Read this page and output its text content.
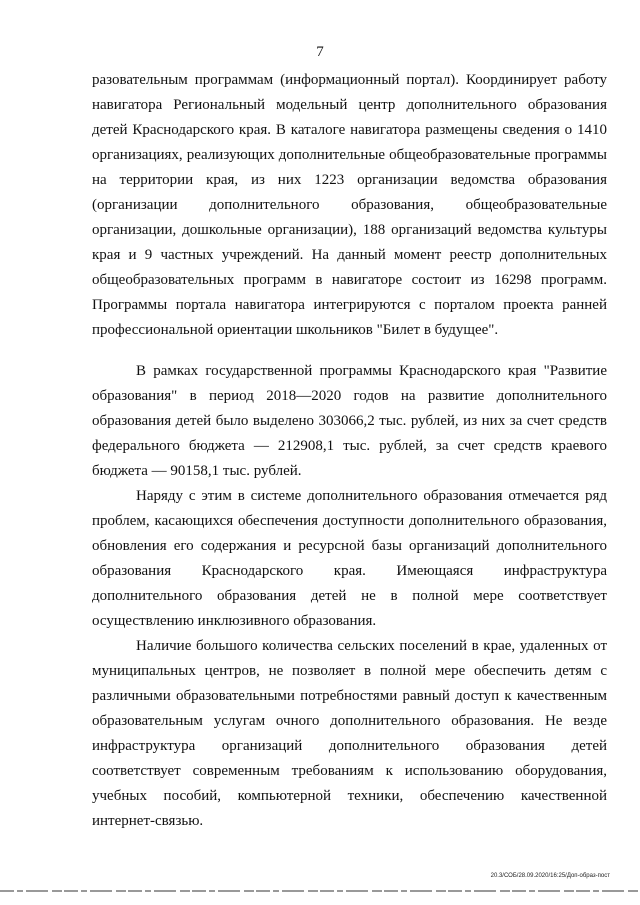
7

разовательным программам (информационный портал). Координирует работу навигатора Региональный модельный центр дополнительного образования детей Краснодарского края. В каталоге навигатора размещены сведения о 1410 организациях, реализующих дополнительные общеобразовательные программы на территории края, из них 1223 организации ведомства образования (организации дополнительного образования, общеобразовательные организации, дошкольные организации), 188 организаций ведомства культуры края и 9 частных учреждений. На данный момент реестр дополнительных общеобразовательных программ в навигаторе состоит из 16298 программ. Программы портала навигатора интегрируются с порталом проекта ранней профессиональной ориентации школьников "Билет в будущее".

В рамках государственной программы Краснодарского края "Развитие образования" в период 2018—2020 годов на развитие дополнительного образования детей было выделено 303066,2 тыс. рублей, из них за счет средств федерального бюджета — 212908,1 тыс. рублей, за счет средств краевого бюджета — 90158,1 тыс. рублей.

Наряду с этим в системе дополнительного образования отмечается ряд проблем, касающихся обеспечения доступности дополнительного образования, обновления его содержания и ресурсной базы организаций дополнительного образования Краснодарского края. Имеющаяся инфраструктура дополнительного образования детей не в полной мере соответствует осуществлению инклюзивного образования.

Наличие большого количества сельских поселений в крае, удаленных от муниципальных центров, не позволяет в полной мере обеспечить детям с различными образовательными потребностями равный доступ к качественным образовательным услугам очного дополнительного образования. Не везде инфраструктура организаций дополнительного образования детей соответствует современным требованиям к использованию оборудования, учебных пособий, компьютерной техники, обеспечению качественной интернет-связью.

20.3/СОБ/28.09.2020/16:25/Доп-образ-пост
